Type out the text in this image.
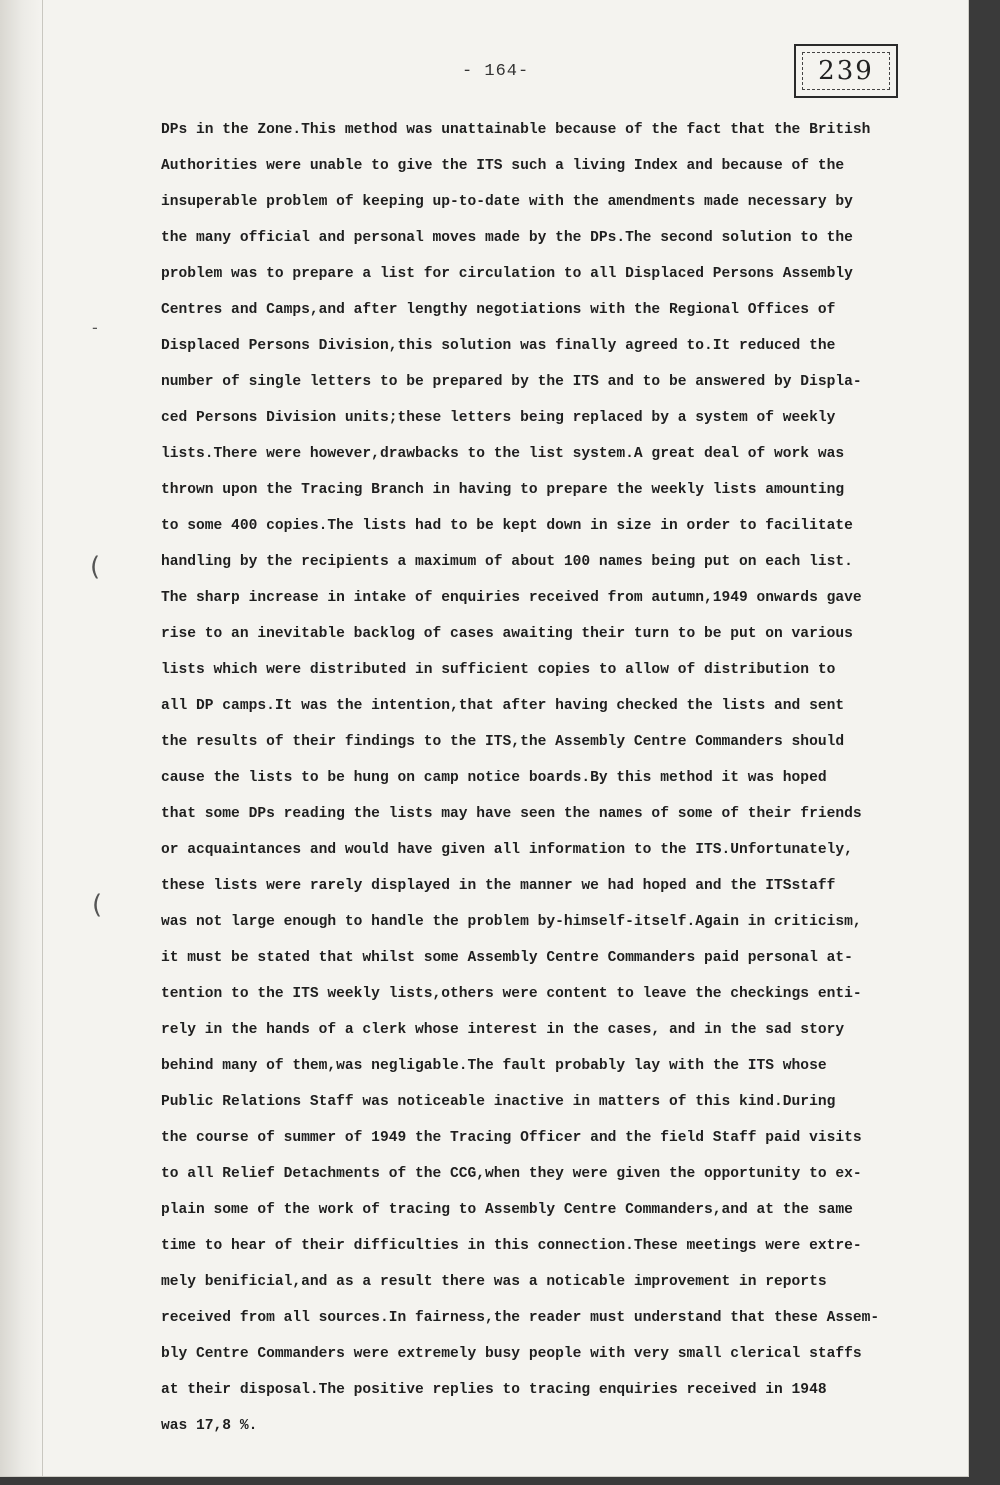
- 164-	239
DPs in the Zone.This method was unattainable because of the fact that the British
Authorities were unable to give the ITS such a living Index and because of the
insuperable problem of keeping up-to-date with the amendments made necessary by
the many official and personal moves made by the DPs.The second solution to the
problem was to prepare a list for circulation to all Displaced Persons Assembly
Centres and Camps,and after lengthy negotiations with the Regional Offices of
Displaced Persons Division,this solution was finally agreed to.It reduced the
number of single letters to be prepared by the ITS and to be answered by Displa-
ced Persons Division units;these letters being replaced by a system of weekly
lists.There were however,drawbacks to the list system.A great deal of work was
thrown upon the Tracing Branch in having to prepare the weekly lists amounting
to some 400 copies.The lists had to be kept down in size in order to facilitate
handling by the recipients a maximum of about 100 names being put on each list.
The sharp increase in intake of enquiries received from autumn,1949 onwards gave
rise to an inevitable backlog of cases awaiting their turn to be put on various
lists which were distributed in sufficient copies to allow of distribution to
all DP camps.It was the intention,that after having checked the lists and sent
the results of their findings to the ITS,the Assembly Centre Commanders should
cause the lists to be hung on camp notice boards.By this method it was hoped
that some DPs reading the lists may have seen the names of some of their friends
or acquaintances and would have given all information to the ITS.Unfortunately,
these lists were rarely displayed in the manner we had hoped and the ITSstaff
was not large enough to handle the problem by-himself-itself.Again in criticism,
it must be stated that whilst some Assembly Centre Commanders paid personal at-
tention to the ITS weekly lists,others were content to leave the checkings enti-
rely in the hands of a clerk whose interest in the cases, and in the sad story
behind many of them,was negligable.The fault probably lay with the ITS whose
Public Relations Staff was noticeable inactive in matters of this kind.During
the course of summer of 1949 the Tracing Officer and the field Staff paid visits
to all Relief Detachments of the CCG,when they were given the opportunity to ex-
plain some of the work of tracing to Assembly Centre Commanders,and at the same
time to hear of their difficulties in this connection.These meetings were extre-
mely benificial,and as a result there was a noticable improvement in reports
received from all sources.In fairness,the reader must understand that these Assem-
bly Centre Commanders were extremely busy people with very small clerical staffs
at their disposal.The positive replies to tracing enquiries received in 1948
was 17,8 %.
(
(
-
